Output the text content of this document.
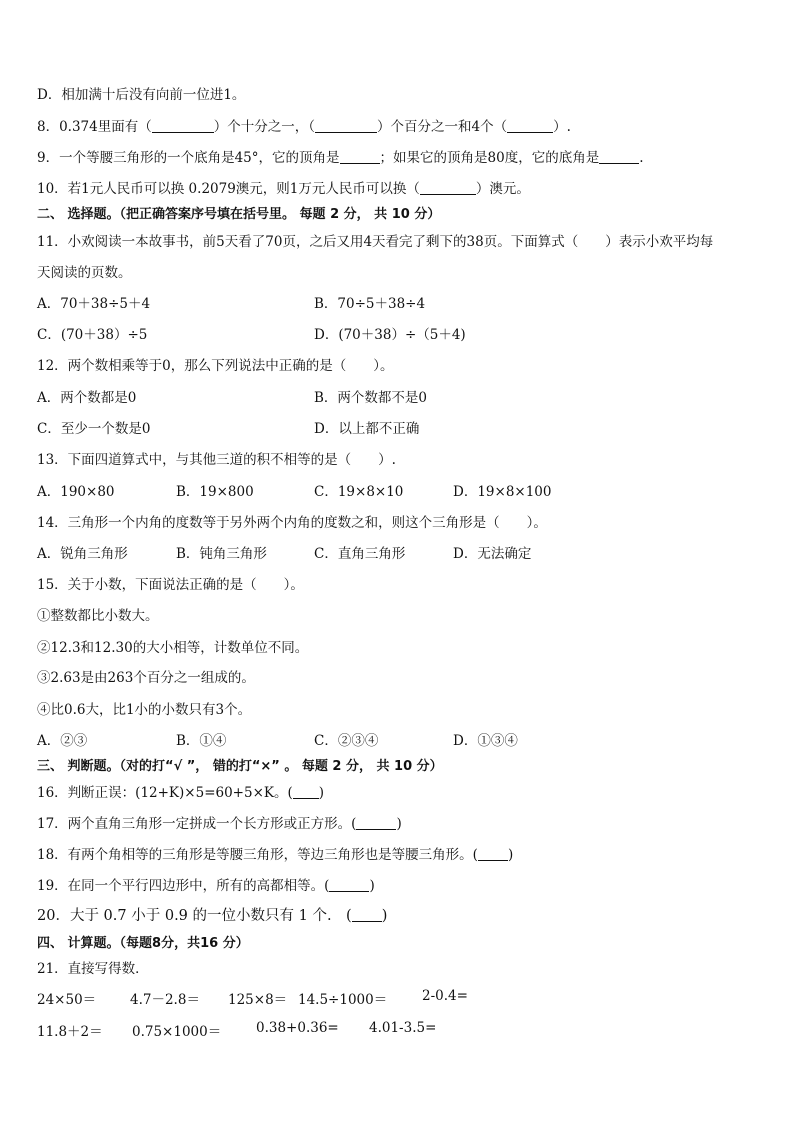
D．相加满十后没有向前一位进1。
8．0.374里面有（	）个十分之一，（	）个百分之一和4个（	）.
9．一个等腰三角形的一个底角是45°，它的顶角是	；如果它的顶角是80度，它的底角是	.
10．若1元人民币可以换 0.2079澳元，则1万元人民币可以换（	）澳元。
二、 选择题。（把正确答案序号填在括号里。 每题 2 分， 共 10 分）
11．小欢阅读一本故事书，前5天看了70页，之后又用4天看完了剩下的38页。下面算式（　　）表示小欢平均每
天阅读的页数。
A．70＋38÷5＋4	B．70÷5＋38÷4
C．(70＋38）÷5	D．(70＋38）÷（5＋4)
12．两个数相乘等于0，那么下列说法中正确的是（　　）。
A．两个数都是0	B．两个数都不是0
C．至少一个数是0	D．以上都不正确
13．下面四道算式中，与其他三道的积不相等的是（　　）.
A．190×80	B．19×800	C．19×8×10	D．19×8×100
14．三角形一个内角的度数等于另外两个内角的度数之和，则这个三角形是（　　）。
A．锐角三角形	B．钝角三角形	C．直角三角形	D．无法确定
15．关于小数，下面说法正确的是（　　）。
①整数都比小数大。
②12.3和12.30的大小相等，计数单位不同。
③2.63是由263个百分之一组成的。
④比0.6大，比1小的小数只有3个。
A．②③	B．①④	C．②③④	D．①③④
三、 判断题。（对的打“√ ”， 错的打“×” 。 每题 2 分， 共 10 分）
16．判断正误：(12+K)×5=60+5×K。( )
17．两个直角三角形一定拼成一个长方形或正方形。(	)
18．有两个角相等的三角形是等腰三角形，等边三角形也是等腰三角形。( )
19．在同一个平行四边形中，所有的高都相等。(	)
20．大于 0.7 小于 0.9 的一位小数只有 1 个.　( )
四、 计算题。（每题8分，共16 分）
21．直接写得数．
24×50＝	4.7－2.8＝ 125×8＝ 14.5÷1000＝	2-0.4=
11.8＋2＝ 0.75×1000＝	0.38+0.36= 4.01-3.5=
